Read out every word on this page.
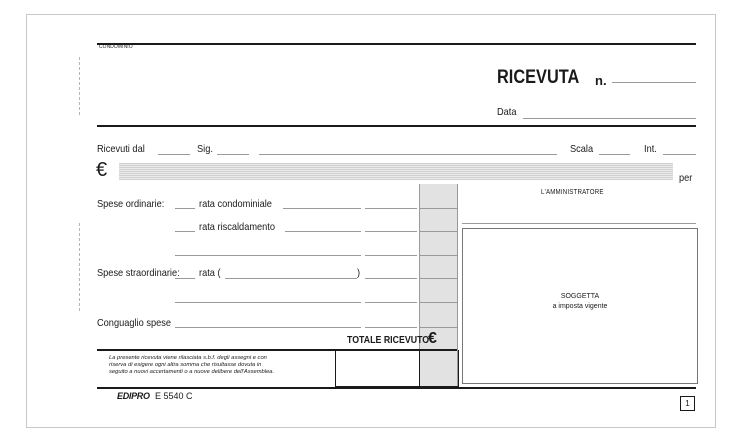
CONDOMINIO
RICEVUTA n.
Data
Ricevuti dal	Sig.	Scala	Int.
€	per
Spese ordinarie:	rata condominiale
rata riscaldamento
Spese straordinarie: rata (	)
Conguaglio spese
L'AMMINISTRATORE
SOGGETTA
a imposta vigente
TOTALE RICEVUTO
€
La presente ricevuta viene rilasciata s.b.f. degli assegni e con
riserva di esigere ogni altra somma che risultasse dovuta in
seguito a nuovi accertamenti o a nuove delibere dell'Assemblea.
EDIPRO E 5540 C
1
